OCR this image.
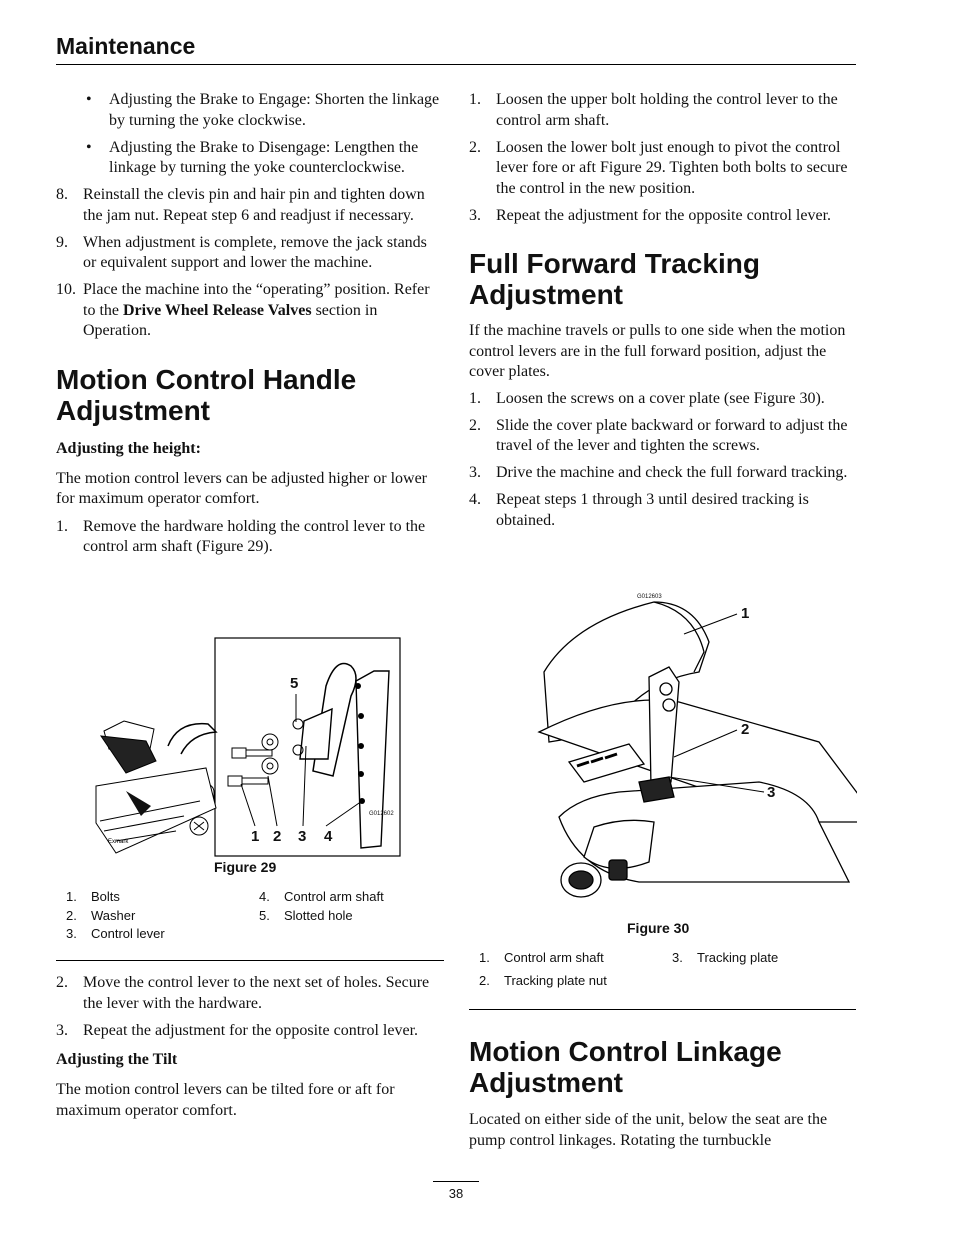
Maintenance
• Adjusting the Brake to Engage: Shorten the linkage by turning the yoke clockwise.
• Adjusting the Brake to Disengage: Lengthen the linkage by turning the yoke counterclockwise.
8. Reinstall the clevis pin and hair pin and tighten down the jam nut. Repeat step 6 and readjust if necessary.
9. When adjustment is complete, remove the jack stands or equivalent support and lower the machine.
10. Place the machine into the “operating” position. Refer to the Drive Wheel Release Valves section in Operation.
Motion Control Handle Adjustment
Adjusting the height:

The motion control levers can be adjusted higher or lower for maximum operator comfort.

1. Remove the hardware holding the control lever to the control arm shaft (Figure 29).
Exmark
5
1 2 3 4
G012602
Figure 29
1. Bolts
2. Washer
3. Control lever
4. Control arm shaft
5. Slotted hole
2. Move the control lever to the next set of holes. Secure the lever with the hardware.
3. Repeat the adjustment for the opposite control lever.
Adjusting the Tilt

The motion control levers can be tilted fore or aft for maximum operator comfort.

1. Loosen the upper bolt holding the control lever to the control arm shaft.
2. Loosen the lower bolt just enough to pivot the control lever fore or aft Figure 29. Tighten both bolts to secure the control in the new position.
3. Repeat the adjustment for the opposite control lever.
Full Forward Tracking Adjustment

If the machine travels or pulls to one side when the motion control levers are in the full forward position, adjust the cover plates.

1. Loosen the screws on a cover plate (see Figure 30).
2. Slide the cover plate backward or forward to adjust the travel of the lever and tighten the screws.
3. Drive the machine and check the full forward tracking.
4. Repeat steps 1 through 3 until desired tracking is obtained.
G012603
1
2
3
Figure 30
1. Control arm shaft
2. Tracking plate nut
3. Tracking plate
Motion Control Linkage Adjustment

Located on either side of the unit, below the seat are the pump control linkages. Rotating the turnbuckle

38
